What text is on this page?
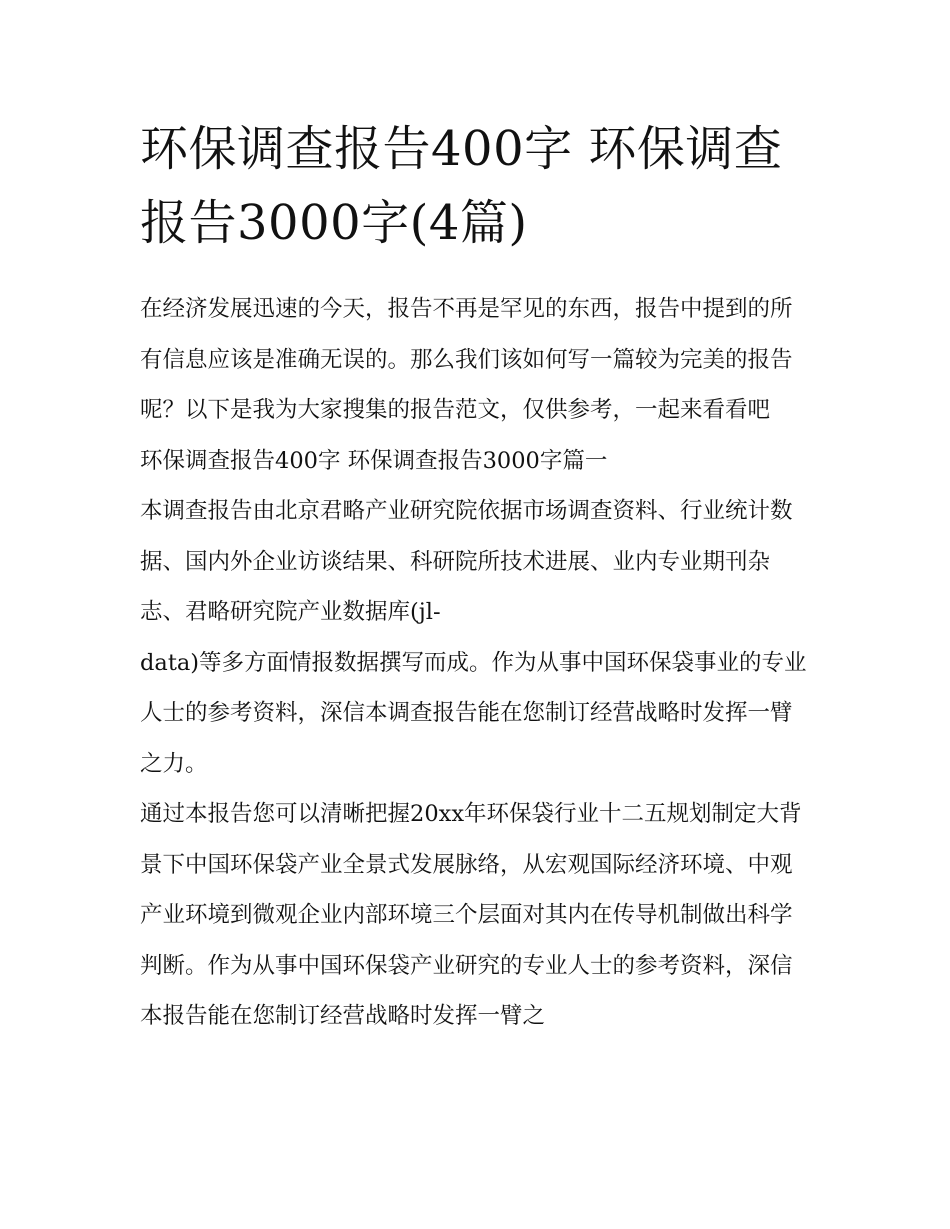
环保调查报告400字 环保调查
报告3000字(4篇)

在经济发展迅速的今天，报告不再是罕见的东西，报告中提到的所有信息应该是准确无误的。那么我们该如何写一篇较为完美的报告呢？以下是我为大家搜集的报告范文，仅供参考，一起来看看吧

环保调查报告400字 环保调查报告3000字篇一

本调查报告由北京君略产业研究院依据市场调查资料、行业统计数据、国内外企业访谈结果、科研院所技术进展、业内专业期刊杂志、君略研究院产业数据库(jl-

data)等多方面情报数据撰写而成。作为从事中国环保袋事业的专业人士的参考资料，深信本调查报告能在您制订经营战略时发挥一臂之力。

通过本报告您可以清晰把握20xx年环保袋行业十二五规划制定大背景下中国环保袋产业全景式发展脉络，从宏观国际经济环境、中观产业环境到微观企业内部环境三个层面对其内在传导机制做出科学判断。作为从事中国环保袋产业研究的专业人士的参考资料，深信本报告能在您制订经营战略时发挥一臂之
